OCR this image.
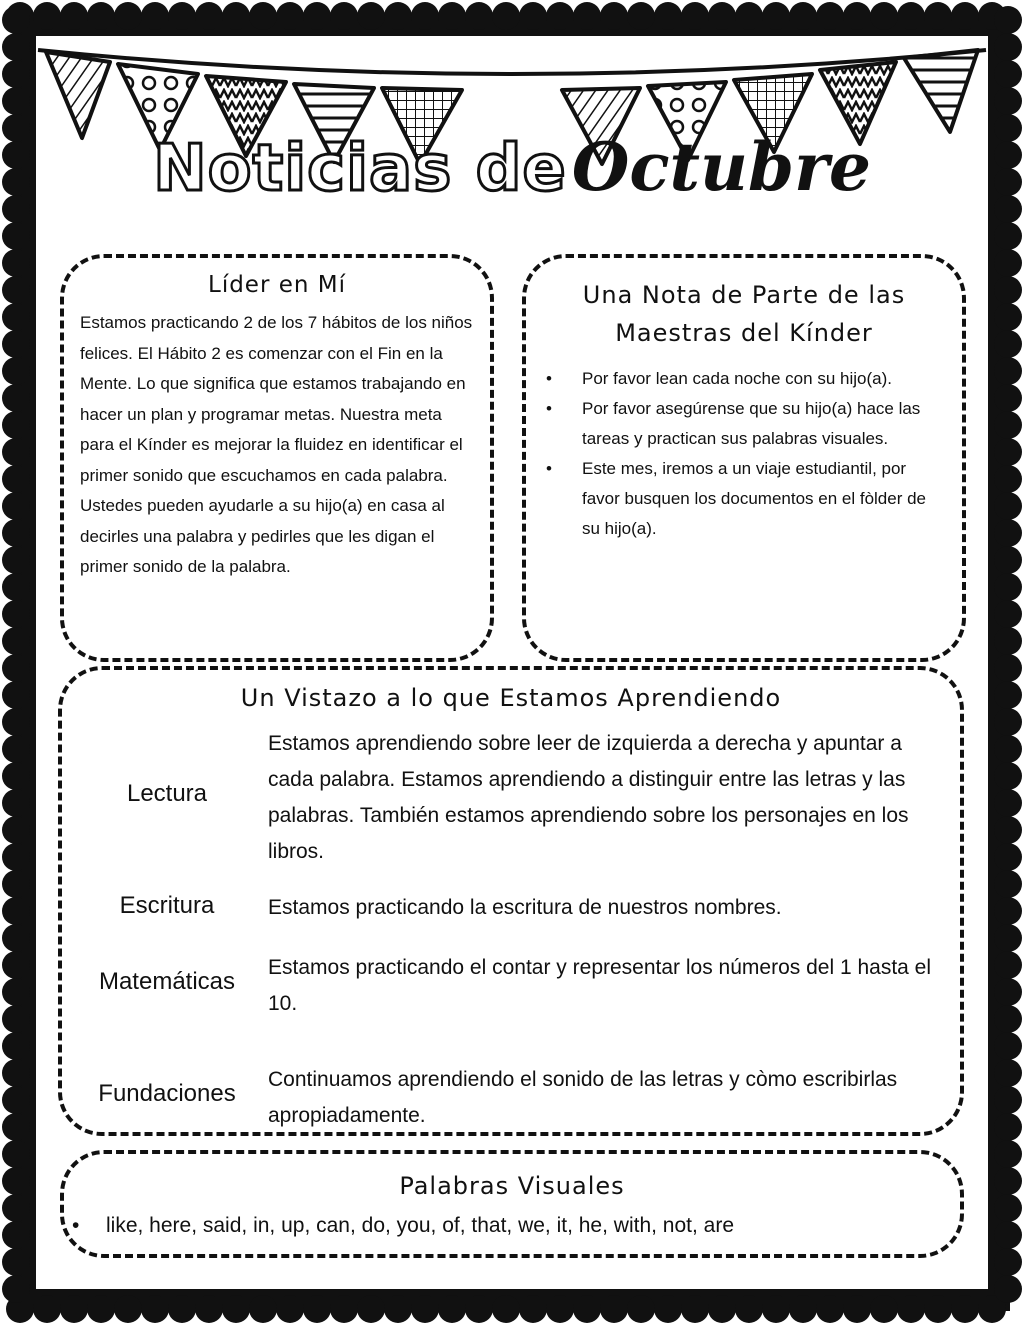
Noticias de Octubre
Líder en Mí

Estamos practicando 2 de los 7 hábitos de los niños felices. El Hábito 2 es comenzar con el Fin en la Mente. Lo que significa que estamos trabajando en hacer un plan y programar metas. Nuestra meta para el Kínder es mejorar la fluidez en identificar el primer sonido que escuchamos en cada palabra. Ustedes pueden ayudarle a su hijo(a) en casa al decirles una palabra y pedirles que les digan el primer sonido de la palabra.

Una Nota de Parte de las
Maestras del Kínder
• Por favor lean cada noche con su hijo(a).
• Por favor asegúrense que su hijo(a) hace las tareas y practican sus palabras visuales.
• Este mes, iremos a un viaje estudiantil, por favor busquen los documentos en el fòlder de su hijo(a).
Un Vistazo a lo que Estamos Aprendiendo
Lectura
Estamos aprendiendo sobre leer de izquierda a derecha y apuntar a cada palabra. Estamos aprendiendo a distinguir entre las letras y las palabras. También estamos aprendiendo sobre los personajes en los libros.
Escritura	Estamos practicando la escritura de nuestros nombres.
Matemáticas
Estamos practicando el contar y representar los números del 1 hasta el 10.
Fundaciones
Continuamos aprendiendo el sonido de las letras y còmo escribirlas apropiadamente.
Palabras Visuales
• like, here, said, in, up, can, do, you, of, that, we, it, he, with, not, are
